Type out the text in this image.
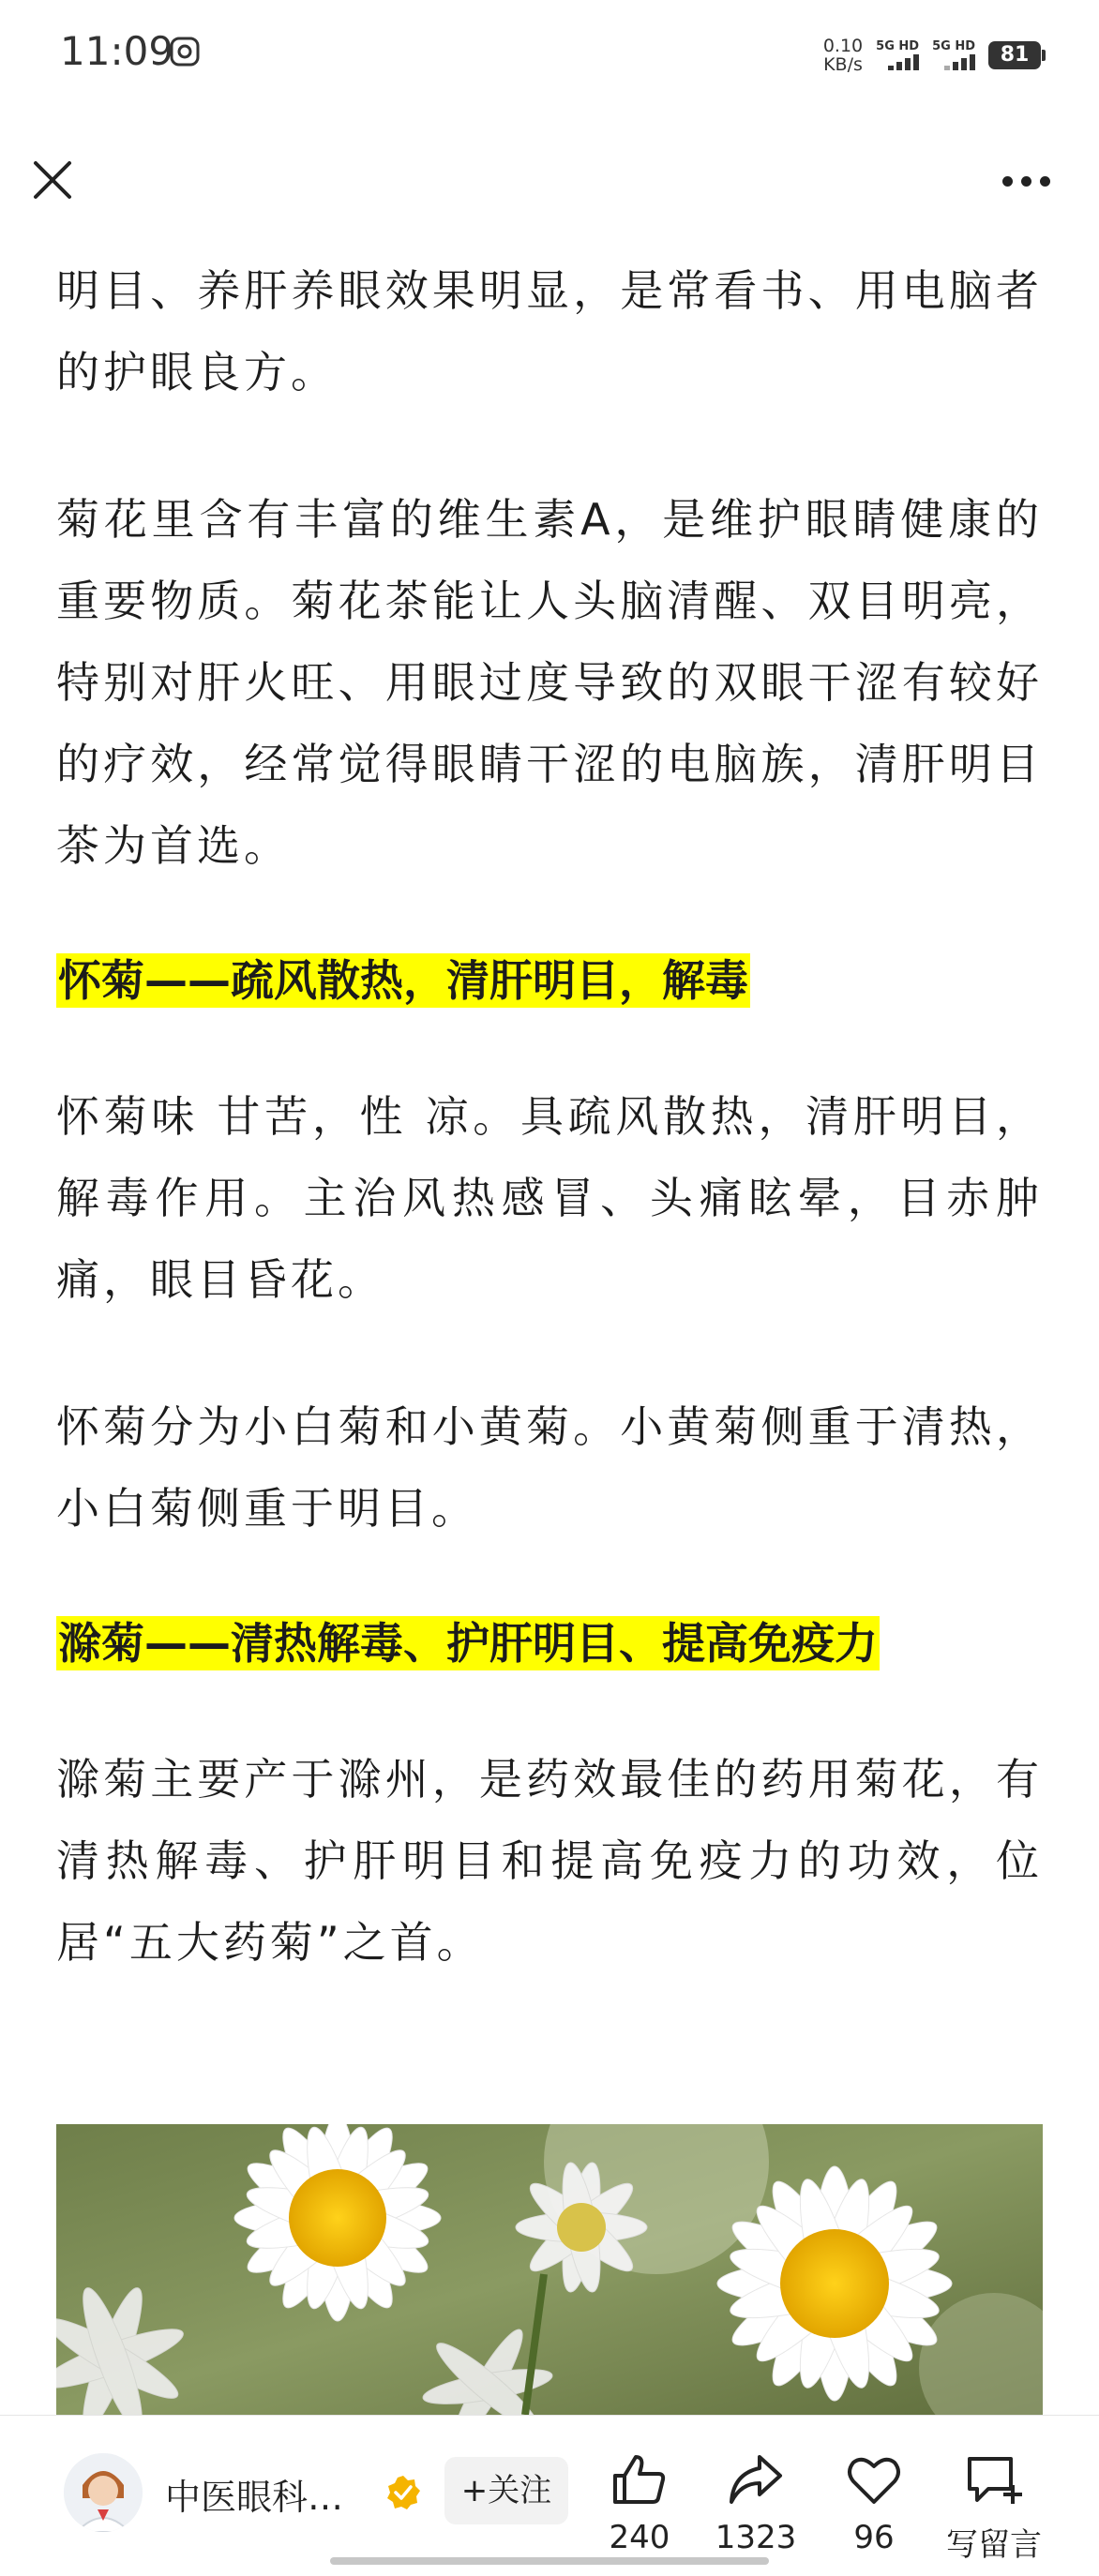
11:09	0.10
KB/s
5G HD 5G HD	81

明目、养肝养眼效果明显，是常看书、用电脑者的护眼良方。

菊花里含有丰富的维生素A，是维护眼睛健康的重要物质。菊花茶能让人头脑清醒、双目明亮，特别对肝火旺、用眼过度导致的双眼干涩有较好的疗效，经常觉得眼睛干涩的电脑族，清肝明目茶为首选。

怀菊——疏风散热，清肝明目，解毒

怀菊味 甘苦，性 凉。具疏风散热，清肝明目，解毒作用。主治风热感冒、头痛眩晕，目赤肿痛，眼目昏花。

怀菊分为小白菊和小黄菊。小黄菊侧重于清热，小白菊侧重于明目。

滁菊——清热解毒、护肝明目、提高免疫力

滁菊主要产于滁州，是药效最佳的药用菊花，有清热解毒、护肝明目和提高免疫力的功效，位居“五大药菊”之首。

中医眼科…	+关注
240	1323	96	写留言
